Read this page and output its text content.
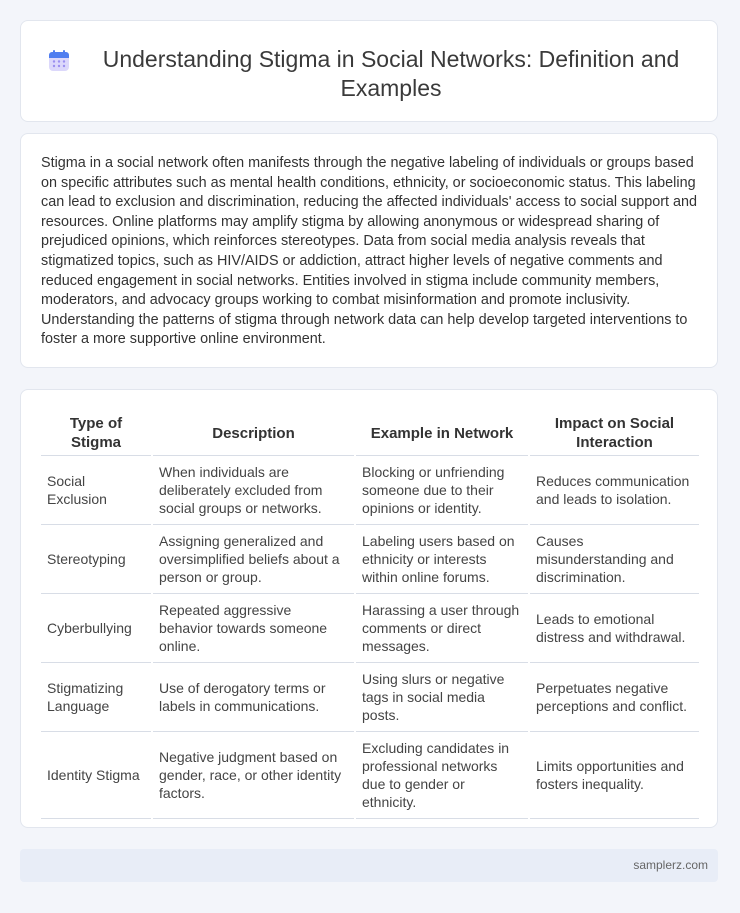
Understanding Stigma in Social Networks: Definition and Examples

Stigma in a social network often manifests through the negative labeling of individuals or groups based on specific attributes such as mental health conditions, ethnicity, or socioeconomic status. This labeling can lead to exclusion and discrimination, reducing the affected individuals' access to social support and resources. Online platforms may amplify stigma by allowing anonymous or widespread sharing of prejudiced opinions, which reinforces stereotypes. Data from social media analysis reveals that stigmatized topics, such as HIV/AIDS or addiction, attract higher levels of negative comments and reduced engagement in social networks. Entities involved in stigma include community members, moderators, and advocacy groups working to combat misinformation and promote inclusivity. Understanding the patterns of stigma through network data can help develop targeted interventions to foster a more supportive online environment.

Type of Stigma	Description	Example in Network	Impact on Social Interaction
Social Exclusion	When individuals are deliberately excluded from social groups or networks.	Blocking or unfriending someone due to their opinions or identity.	Reduces communication and leads to isolation.
Stereotyping	Assigning generalized and oversimplified beliefs about a person or group.	Labeling users based on ethnicity or interests within online forums.	Causes misunderstanding and discrimination.
Cyberbullying	Repeated aggressive behavior towards someone online.	Harassing a user through comments or direct messages.	Leads to emotional distress and withdrawal.
Stigmatizing Language	Use of derogatory terms or labels in communications.	Using slurs or negative tags in social media posts.	Perpetuates negative perceptions and conflict.
Identity Stigma	Negative judgment based on gender, race, or other identity factors.	Excluding candidates in professional networks due to gender or ethnicity.	Limits opportunities and fosters inequality.
samplerz.com
